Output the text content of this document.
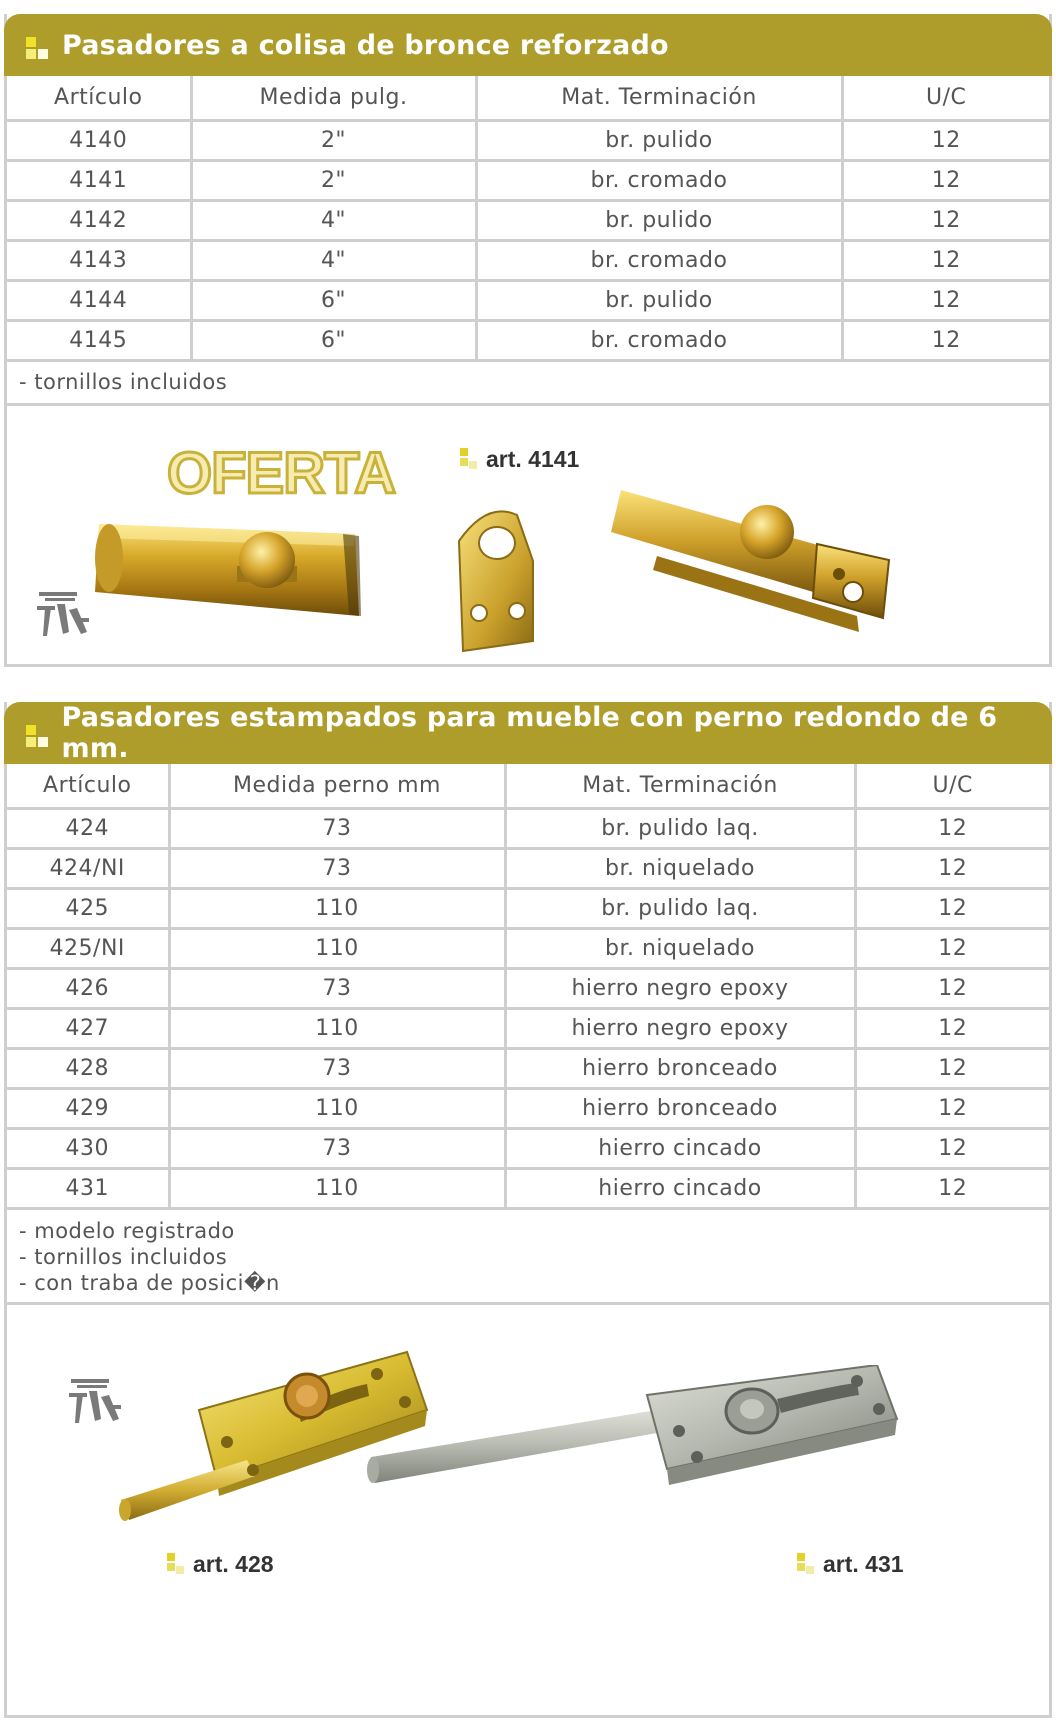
Pasadores a colisa de bronce reforzado
Artículo	Medida pulg.	Mat. Terminación	U/C
4140	2"	br. pulido	12
4141	2"	br. cromado	12
4142	4"	br. pulido	12
4143	4"	br. cromado	12
4144	6"	br. pulido	12
4145	6"	br. cromado	12

- tornillos incluidos			
OFERTA	art. 4141
Pasadores estampados para mueble con perno redondo de 6 mm.
Artículo	Medida perno mm	Mat. Terminación	U/C
424	73	br. pulido laq.	12
424/NI	73	br. niquelado	12
425	110	br. pulido laq.	12
425/NI	110	br. niquelado	12
426	73	hierro negro epoxy	12
427	110	hierro negro epoxy	12
428	73	hierro bronceado	12
429	110	hierro bronceado	12
430	73	hierro cincado	12
431	110	hierro cincado	12

- modelo registrado
- tornillos incluidos
- con traba de posici�n			
art. 428	art. 431
